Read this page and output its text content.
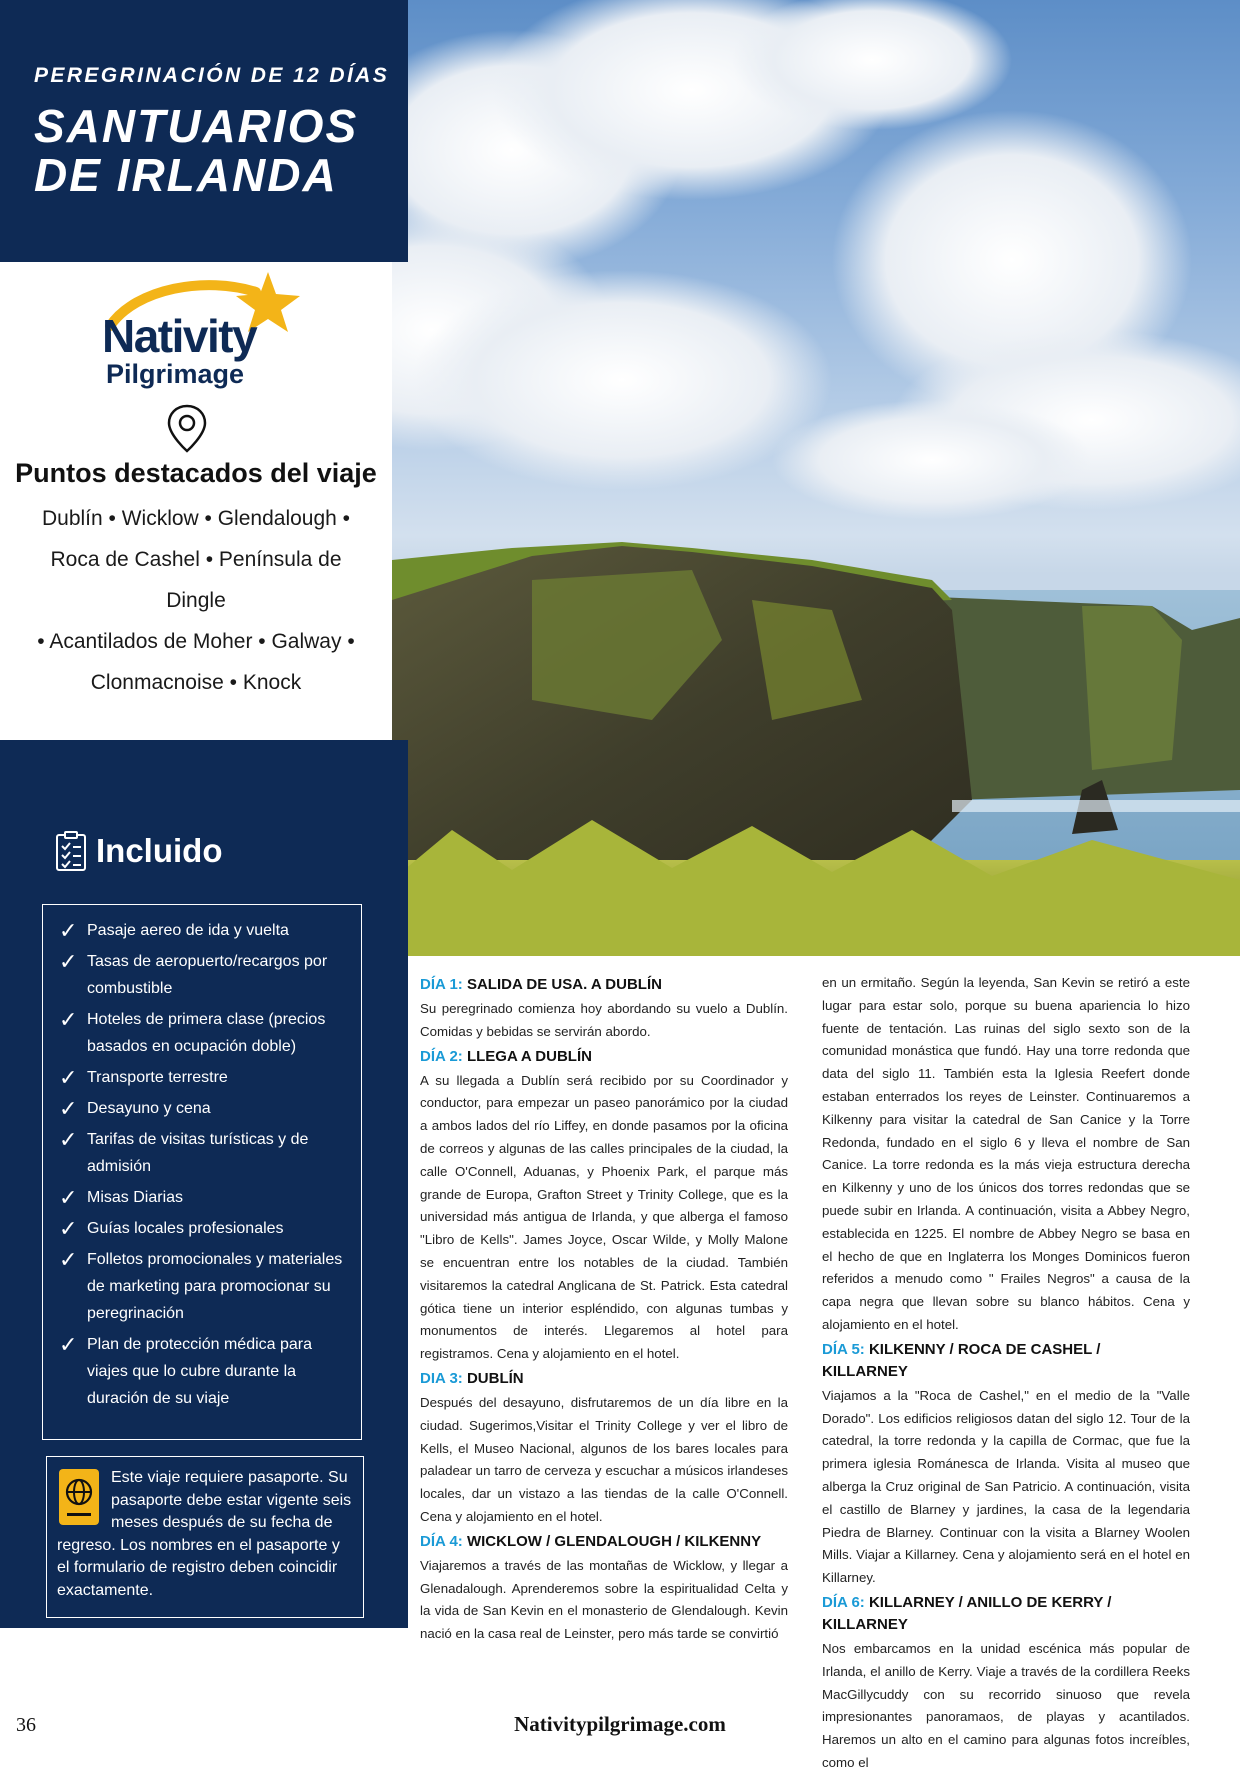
PEREGRINACIÓN DE 12 DÍAS
SANTUARIOS
DE IRLANDA
Nativity
Pilgrimage
Puntos destacados del viaje
Dublín • Wicklow • Glendalough •
Roca de Cashel • Península de Dingle
• Acantilados de Moher • Galway •
Clonmacnoise • Knock
Incluido
✓ Pasaje aereo de ida y vuelta
✓ Tasas de aeropuerto/recargos por combustible
✓ Hoteles de primera clase (precios basados en ocupación doble)
✓ Transporte terrestre
✓ Desayuno y cena
✓ Tarifas de visitas turísticas y de admisión
✓ Misas Diarias
✓ Guías locales profesionales
✓ Folletos promocionales y materiales de marketing para promocionar su peregrinación
✓ Plan de protección médica para viajes que lo cubre durante la duración de su viaje
Este viaje requiere pasaporte. Su pasaporte debe estar vigente seis meses después de su fecha de regreso. Los nombres en el pasaporte y el formulario de registro deben coincidir exactamente.
DÍA 1: SALIDA DE USA. A DUBLÍN
Su peregrinado comienza hoy abordando su vuelo a Dublín. Comidas y bebidas se servirán abordo.
DÍA 2: LLEGA A DUBLÍN
A su llegada a Dublín será recibido por su Coordinador y conductor, para empezar un paseo panorámico por la ciudad a ambos lados del río Liffey, en donde pasamos por la oficina de correos y algunas de las calles principales de la ciudad, la calle O'Connell, Aduanas, y Phoenix Park, el parque más grande de Europa, Grafton Street y Trinity College, que es la universidad más antigua de Irlanda, y que alberga el famoso "Libro de Kells". James Joyce, Oscar Wilde, y Molly Malone se encuentran entre los notables de la ciudad. También visitaremos la catedral Anglicana de St. Patrick. Esta catedral gótica tiene un interior espléndido, con algunas tumbas y monumentos de interés. Llegaremos al hotel para registramos. Cena y alojamiento en el hotel.
DIA 3: DUBLÍN
Después del desayuno, disfrutaremos de un día libre en la ciudad. Sugerimos,Visitar el Trinity College y ver el libro de Kells, el Museo Nacional, algunos de los bares locales para paladear un tarro de cerveza y escuchar a músicos irlandeses locales, dar un vistazo a las tiendas de la calle O'Connell. Cena y alojamiento en el hotel.
DÍA 4: WICKLOW / GLENDALOUGH / KILKENNY
Viajaremos a través de las montañas de Wicklow, y llegar a Glenadalough. Aprenderemos sobre la espiritualidad Celta y la vida de San Kevin en el monasterio de Glendalough. Kevin nació en la casa real de Leinster, pero más tarde se convirtió
en un ermitaño. Según la leyenda, San Kevin se retiró a este lugar para estar solo, porque su buena apariencia lo hizo fuente de tentación. Las ruinas del siglo sexto son de la comunidad monástica que fundó. Hay una torre redonda que data del siglo 11. También esta la Iglesia Reefert donde estaban enterrados los reyes de Leinster. Continuaremos a Kilkenny para visitar la catedral de San Canice y la Torre Redonda, fundado en el siglo 6 y lleva el nombre de San Canice. La torre redonda es la más vieja estructura derecha en Kilkenny y uno de los únicos dos torres redondas que se puede subir en Irlanda. A continuación, visita a Abbey Negro, establecida en 1225. El nombre de Abbey Negro se basa en el hecho de que en Inglaterra los Monges Dominicos fueron referidos a menudo como " Frailes Negros" a causa de la capa negra que llevan sobre su blanco hábitos. Cena y alojamiento en el hotel.
DÍA 5: KILKENNY / ROCA DE CASHEL / KILLARNEY
Viajamos a la "Roca de Cashel," en el medio de la "Valle Dorado". Los edificios religiosos datan del siglo 12. Tour de la catedral, la torre redonda y la capilla de Cormac, que fue la primera iglesia Románesca de Irlanda. Visita al museo que alberga la Cruz original de San Patricio. A continuación, visita el castillo de Blarney y jardines, la casa de la legendaria Piedra de Blarney. Continuar con la visita a Blarney Woolen Mills. Viajar a Killarney. Cena y alojamiento será en el hotel en Killarney.
DÍA 6: KILLARNEY / ANILLO DE KERRY / KILLARNEY
Nos embarcamos en la unidad escénica más popular de Irlanda, el anillo de Kerry. Viaje a través de la cordillera Reeks MacGillycuddy con su recorrido sinuoso que revela impresionantes panoramaos, de playas y acantilados. Haremos un alto en el camino para algunas fotos increíbles, como el
Nativitypilgrimage.com
36
